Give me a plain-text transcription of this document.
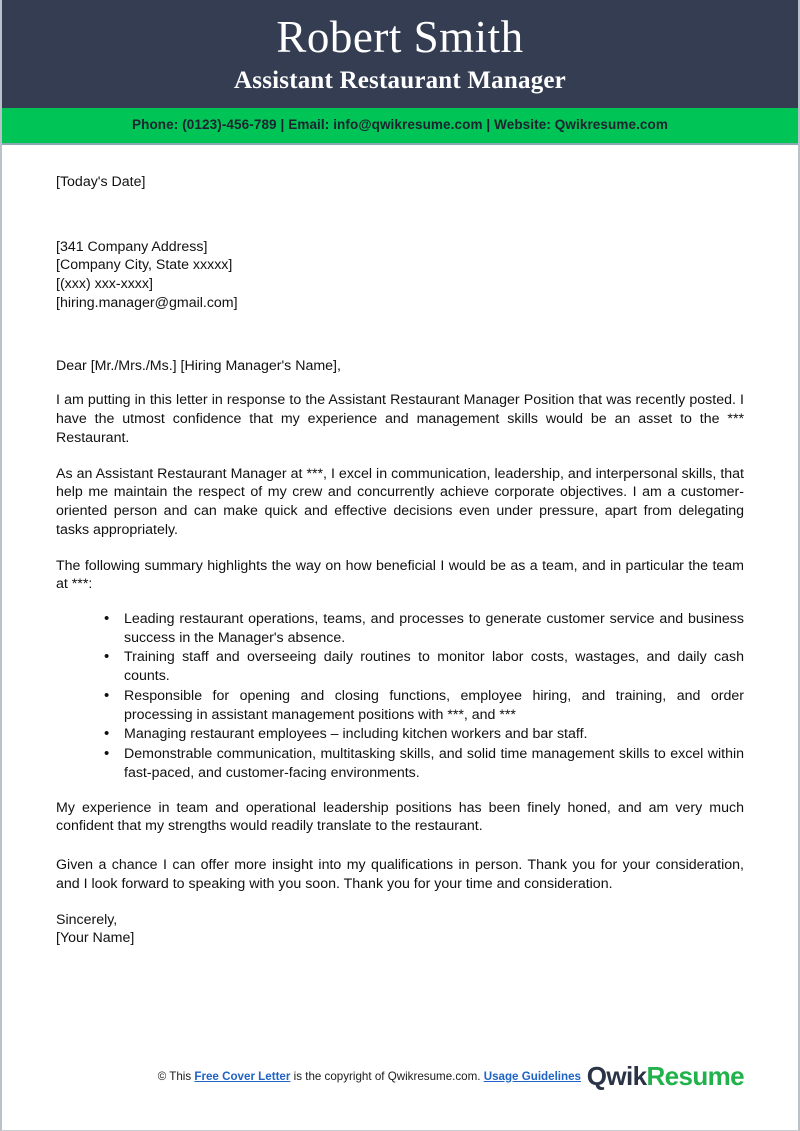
Robert Smith
Assistant Restaurant Manager
Phone: (0123)-456-789 | Email: info@qwikresume.com | Website: Qwikresume.com
[Today's Date]
[341 Company Address]
[Company City, State xxxxx]
[(xxx) xxx-xxxx]
[hiring.manager@gmail.com]
Dear [Mr./Mrs./Ms.] [Hiring Manager's Name],

I am putting in this letter in response to the Assistant Restaurant Manager Position that was recently posted. I have the utmost confidence that my experience and management skills would be an asset to the *** Restaurant.

As an Assistant Restaurant Manager at ***, I excel in communication, leadership, and interpersonal skills, that help me maintain the respect of my crew and concurrently achieve corporate objectives. I am a customer-oriented person and can make quick and effective decisions even under pressure, apart from delegating tasks appropriately.

The following summary highlights the way on how beneficial I would be as a team, and in particular the team at ***:

• Leading restaurant operations, teams, and processes to generate customer service and business success in the Manager's absence.
• Training staff and overseeing daily routines to monitor labor costs, wastages, and daily cash counts.
• Responsible for opening and closing functions, employee hiring, and training, and order processing in assistant management positions with ***, and ***
• Managing restaurant employees – including kitchen workers and bar staff.
• Demonstrable communication, multitasking skills, and solid time management skills to excel within fast-paced, and customer-facing environments.

My experience in team and operational leadership positions has been finely honed, and am very much confident that my strengths would readily translate to the restaurant.

Given a chance I can offer more insight into my qualifications in person. Thank you for your consideration, and I look forward to speaking with you soon. Thank you for your time and consideration.

Sincerely,
[Your Name]
© This Free Cover Letter is the copyright of Qwikresume.com. Usage Guidelines QwikResume
